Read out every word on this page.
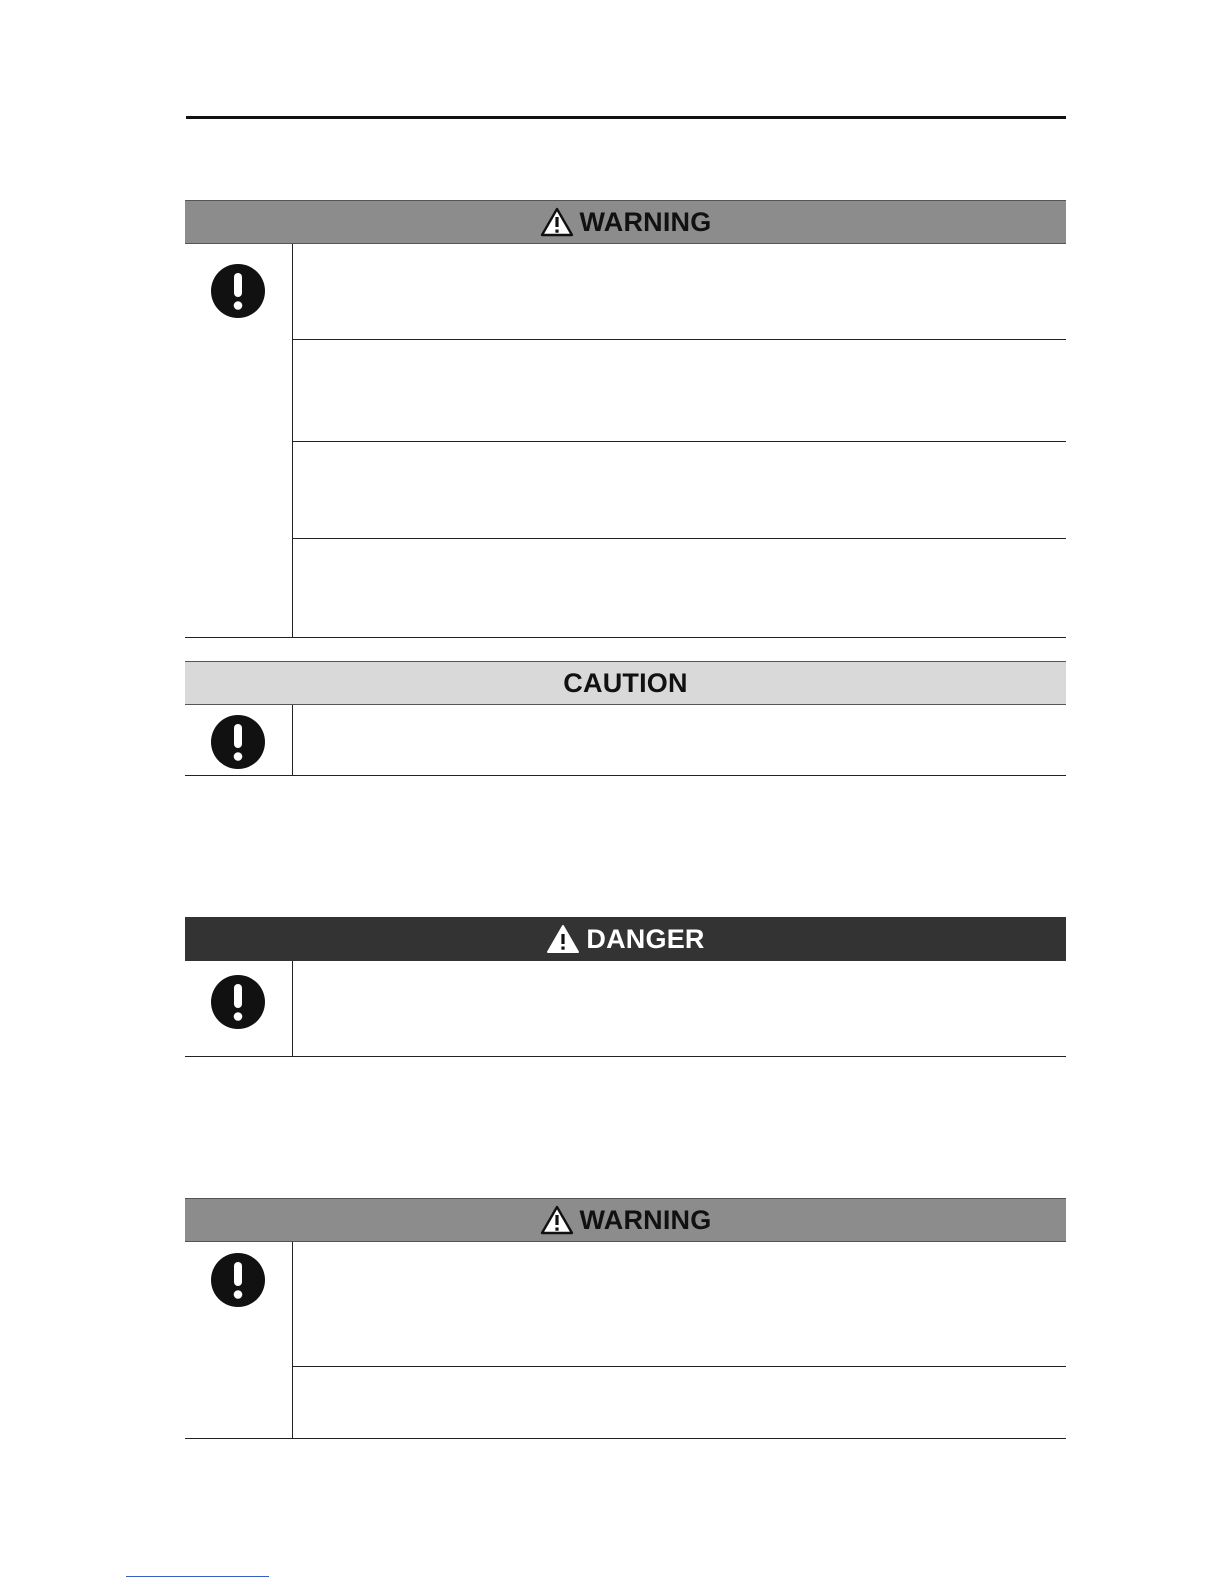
WARNING
CAUTION
DANGER
WARNING
